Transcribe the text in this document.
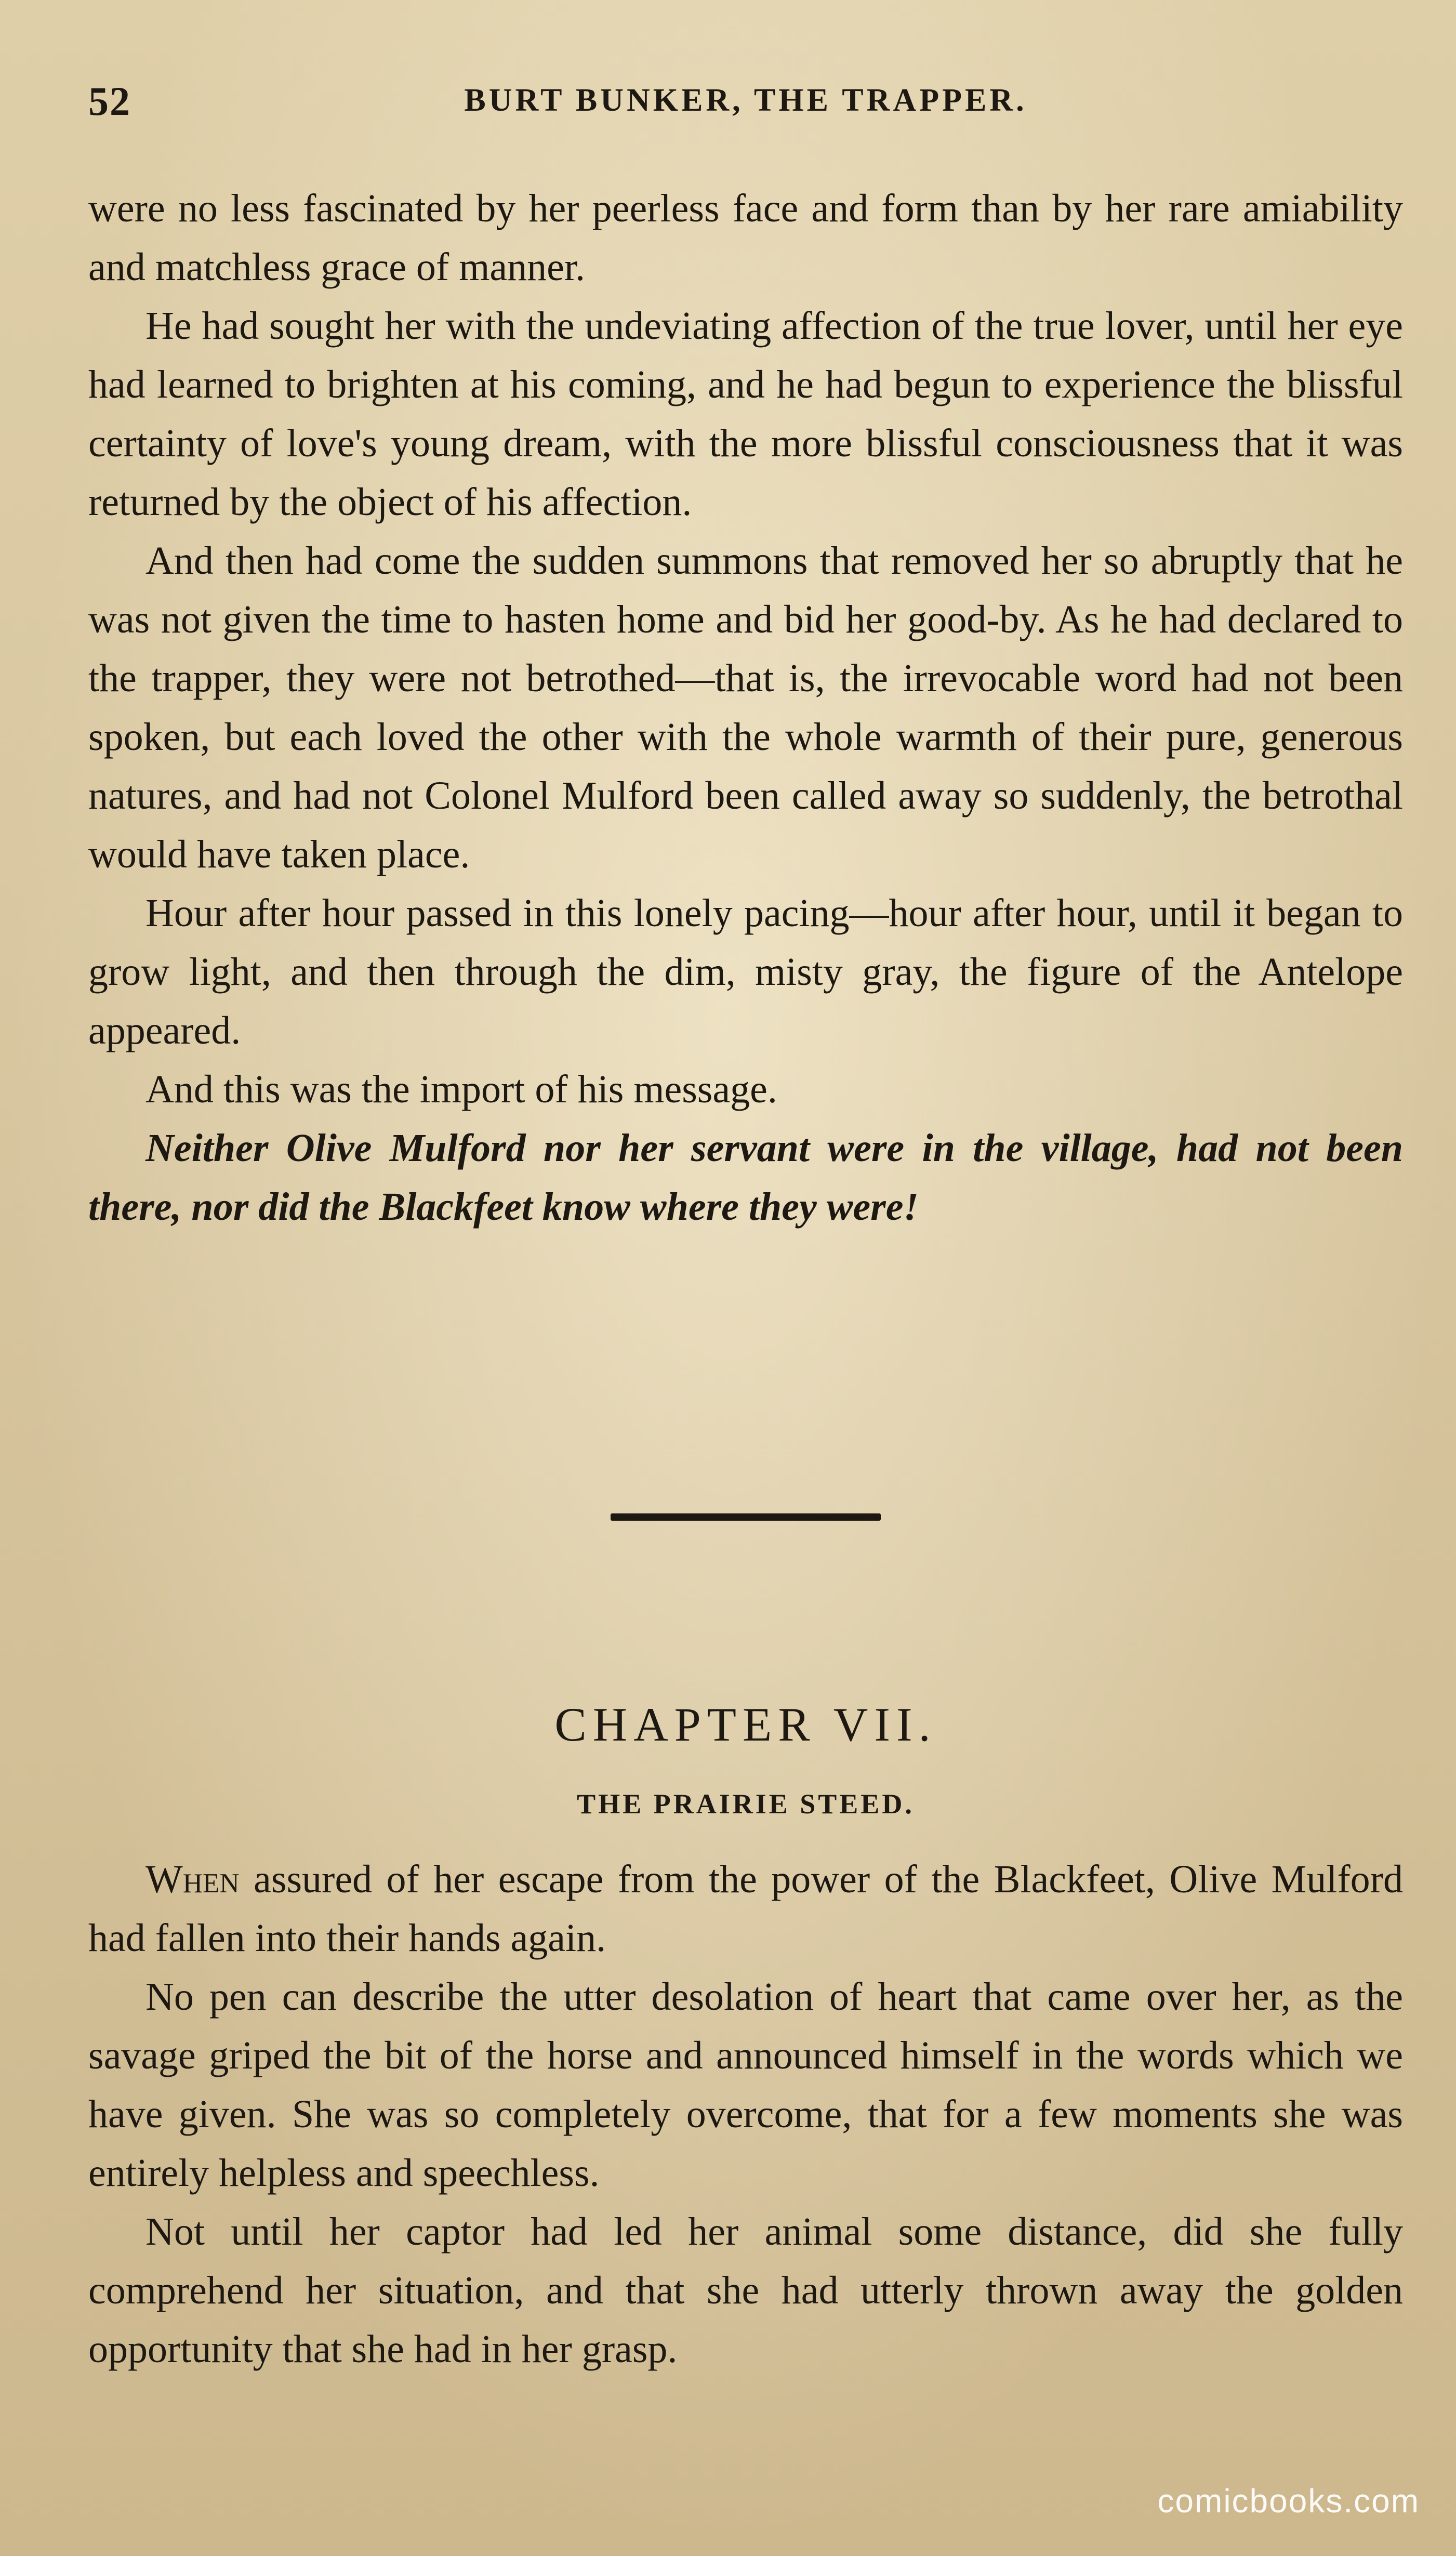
52	BURT BUNKER, THE TRAPPER.

were no less fascinated by her peerless face and form than by her rare amiability and matchless grace of manner.

He had sought her with the undeviating affection of the true lover, until her eye had learned to brighten at his coming, and he had begun to experience the blissful certainty of love's young dream, with the more blissful consciousness that it was returned by the object of his affection.

And then had come the sudden summons that removed her so abruptly that he was not given the time to hasten home and bid her good-by. As he had declared to the trapper, they were not betrothed—that is, the irrevocable word had not been spoken, but each loved the other with the whole warmth of their pure, generous natures, and had not Colonel Mulford been called away so suddenly, the betrothal would have taken place.

Hour after hour passed in this lonely pacing—hour after hour, until it began to grow light, and then through the dim, misty gray, the figure of the Antelope appeared.

And this was the import of his message.

Neither Olive Mulford nor her servant were in the village, had not been there, nor did the Blackfeet know where they were!

CHAPTER VII.
THE PRAIRIE STEED.

When assured of her escape from the power of the Blackfeet, Olive Mulford had fallen into their hands again.

No pen can describe the utter desolation of heart that came over her, as the savage griped the bit of the horse and announced himself in the words which we have given. She was so completely overcome, that for a few moments she was entirely helpless and speechless.

Not until her captor had led her animal some distance, did she fully comprehend her situation, and that she had utterly thrown away the golden opportunity that she had in her grasp.

comicbooks.com
